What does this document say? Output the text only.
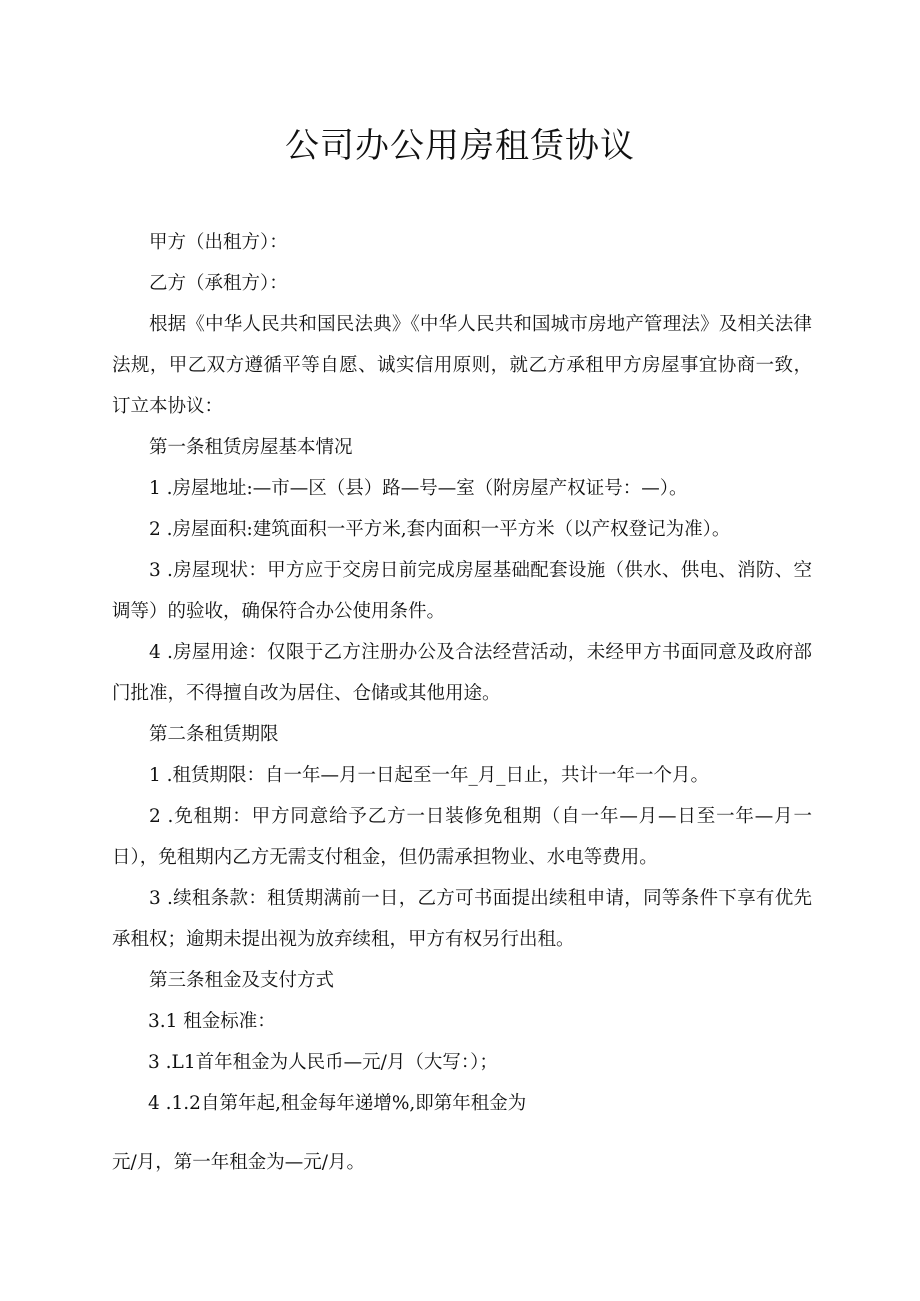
公司办公用房租赁协议

甲方（出租方）：

乙方（承租方）：

根据《中华人民共和国民法典》《中华人民共和国城市房地产管理法》及相关法律法规，甲乙双方遵循平等自愿、诚实信用原则，就乙方承租甲方房屋事宜协商一致，订立本协议：

第一条租赁房屋基本情况

1 .房屋地址:—市—区（县）路—号—室（附房屋产权证号：—）。

2 .房屋面积:建筑面积一平方米,套内面积一平方米（以产权登记为准）。

3 .房屋现状：甲方应于交房日前完成房屋基础配套设施（供水、供电、消防、空调等）的验收，确保符合办公使用条件。

4 .房屋用途：仅限于乙方注册办公及合法经营活动，未经甲方书面同意及政府部门批准，不得擅自改为居住、仓储或其他用途。

第二条租赁期限

1 .租赁期限：自一年—月一日起至一年_月_日止，共计一年一个月。

2 .免租期：甲方同意给予乙方一日装修免租期（自一年—月—日至一年—月一日），免租期内乙方无需支付租金，但仍需承担物业、水电等费用。

3 .续租条款：租赁期满前一日，乙方可书面提出续租申请，同等条件下享有优先承租权；逾期未提出视为放弃续租，甲方有权另行出租。

第三条租金及支付方式

3.1 租金标准：

3 .L1首年租金为人民币—元/月（大写：）；

4 .1.2自第年起,租金每年递增%,即第年租金为

元/月，第一年租金为—元/月。
